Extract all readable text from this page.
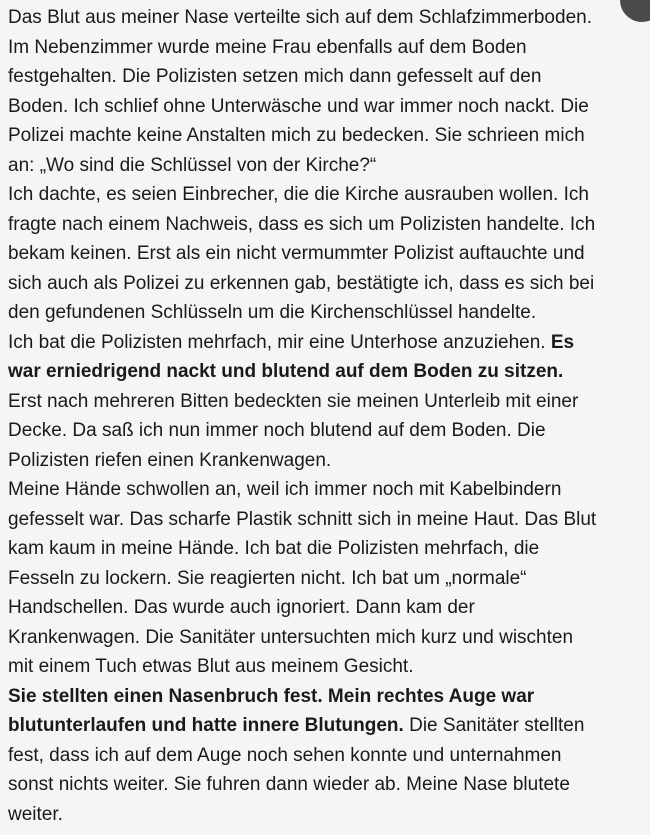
Das Blut aus meiner Nase verteilte sich auf dem Schlafzimmerboden.
Im Nebenzimmer wurde meine Frau ebenfalls auf dem Boden
festgehalten. Die Polizisten setzen mich dann gefesselt auf den
Boden. Ich schlief ohne Unterwäsche und war immer noch nackt. Die
Polizei machte keine Anstalten mich zu bedecken. Sie schrieen mich
an: „Wo sind die Schlüssel von der Kirche?“
Ich dachte, es seien Einbrecher, die die Kirche ausrauben wollen. Ich
fragte nach einem Nachweis, dass es sich um Polizisten handelte. Ich
bekam keinen. Erst als ein nicht vermummter Polizist auftauchte und
sich auch als Polizei zu erkennen gab, bestätigte ich, dass es sich bei
den gefundenen Schlüsseln um die Kirchenschlüssel handelte.
Ich bat die Polizisten mehrfach, mir eine Unterhose anzuziehen. Es
war erniedrigend nackt und blutend auf dem Boden zu sitzen.
Erst nach mehreren Bitten bedeckten sie meinen Unterleib mit einer
Decke. Da saß ich nun immer noch blutend auf dem Boden. Die
Polizisten riefen einen Krankenwagen.
Meine Hände schwollen an, weil ich immer noch mit Kabelbindern
gefesselt war. Das scharfe Plastik schnitt sich in meine Haut. Das Blut
kam kaum in meine Hände. Ich bat die Polizisten mehrfach, die
Fesseln zu lockern. Sie reagierten nicht. Ich bat um „normale“
Handschellen. Das wurde auch ignoriert. Dann kam der
Krankenwagen. Die Sanitäter untersuchten mich kurz und wischten
mit einem Tuch etwas Blut aus meinem Gesicht.
Sie stellten einen Nasenbruch fest. Mein rechtes Auge war
blutunterlaufen und hatte innere Blutungen. Die Sanitäter stellten
fest, dass ich auf dem Auge noch sehen konnte und unternahmen
sonst nichts weiter. Sie fuhren dann wieder ab. Meine Nase blutete
weiter.
